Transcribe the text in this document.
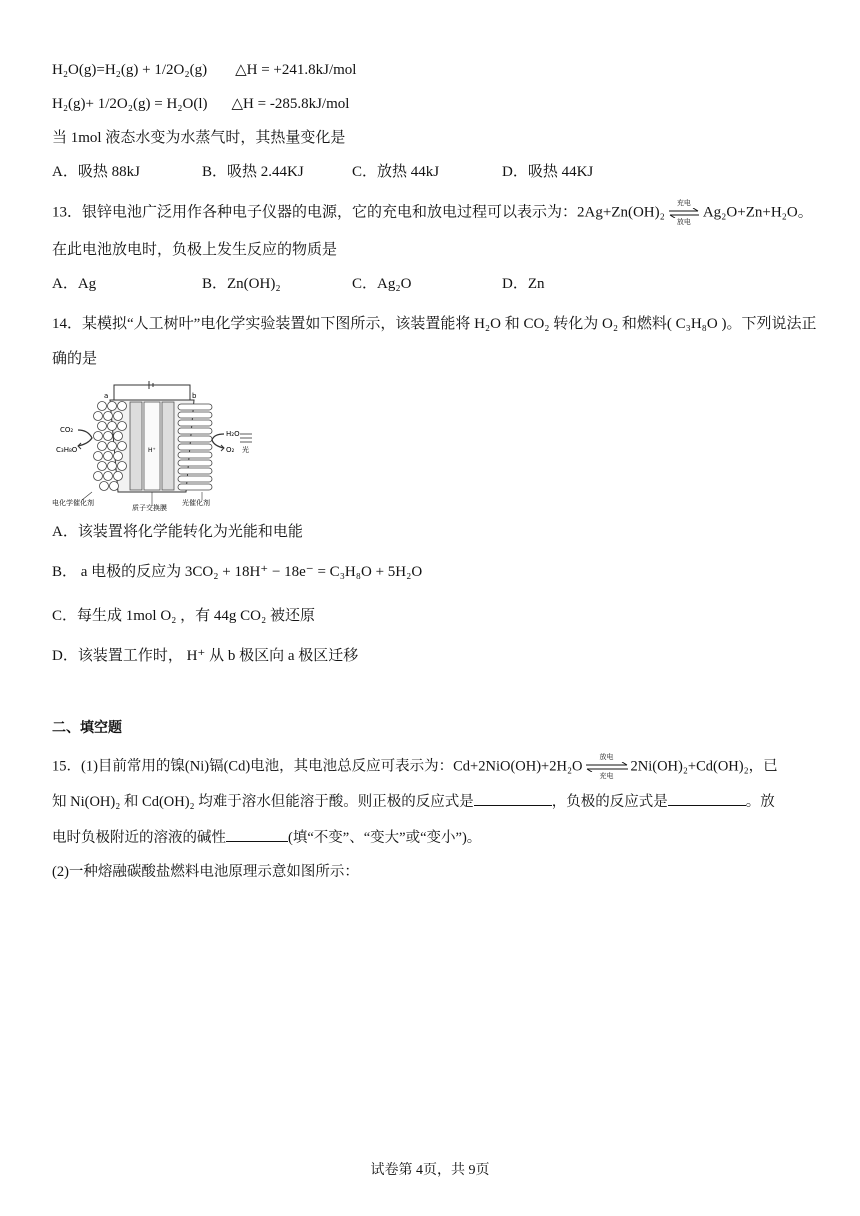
H₂O(g)=H₂(g) + 1/2O₂(g) △H = +241.8kJ/mol
H₂(g)+ 1/2O₂(g) = H₂O(l) △H = -285.8kJ/mol
当 1mol 液态水变为水蒸气时，其热量变化是
A．吸热 88kJ	B．吸热 2.44KJ	C．放热 44kJ	D．吸热 44KJ
13．银锌电池广泛用作各种电子仪器的电源，它的充电和放电过程可以表示为：2Ag+Zn(OH)₂
充电
放电
Ag₂O+Zn+H₂O。
在此电池放电时，负极上发生反应的物质是
A．Ag	B．Zn(OH)₂	C．Ag₂O	D．Zn
14．某模拟“人工树叶”电化学实验装置如下图所示，该装置能将 H₂O 和 CO₂ 转化为 O₂ 和燃料( C₃H₈O )。下列说法正
确的是
a	b
H⁺
CO₂
C₃H₈O
H₂O
O₂ 光
电化学催化剂
质子交换膜
光催化剂
A．该装置将化学能转化为光能和电能
B． a 电极的反应为 3CO₂ + 18H⁺ − 18e⁻ = C₃H₈O + 5H₂O
C．每生成 1mol O₂ ，有 44g CO₂ 被还原
D．该装置工作时， H⁺ 从 b 极区向 a 极区迁移
二、填空题
15．(1)目前常用的镍(Ni)镉(Cd)电池，其电池总反应可表示为：Cd+2NiO(OH)+2H₂O
放电
充电
2Ni(OH)₂+Cd(OH)₂，已
知 Ni(OH)₂ 和 Cd(OH)₂ 均难于溶水但能溶于酸。则正极的反应式是	，负极的反应式是	。放
电时负极附近的溶液的碱性	(填“不变”、“变大”或“变小”)。
(2)一种熔融碳酸盐燃料电池原理示意如图所示：
试卷第 4页，共 9页
